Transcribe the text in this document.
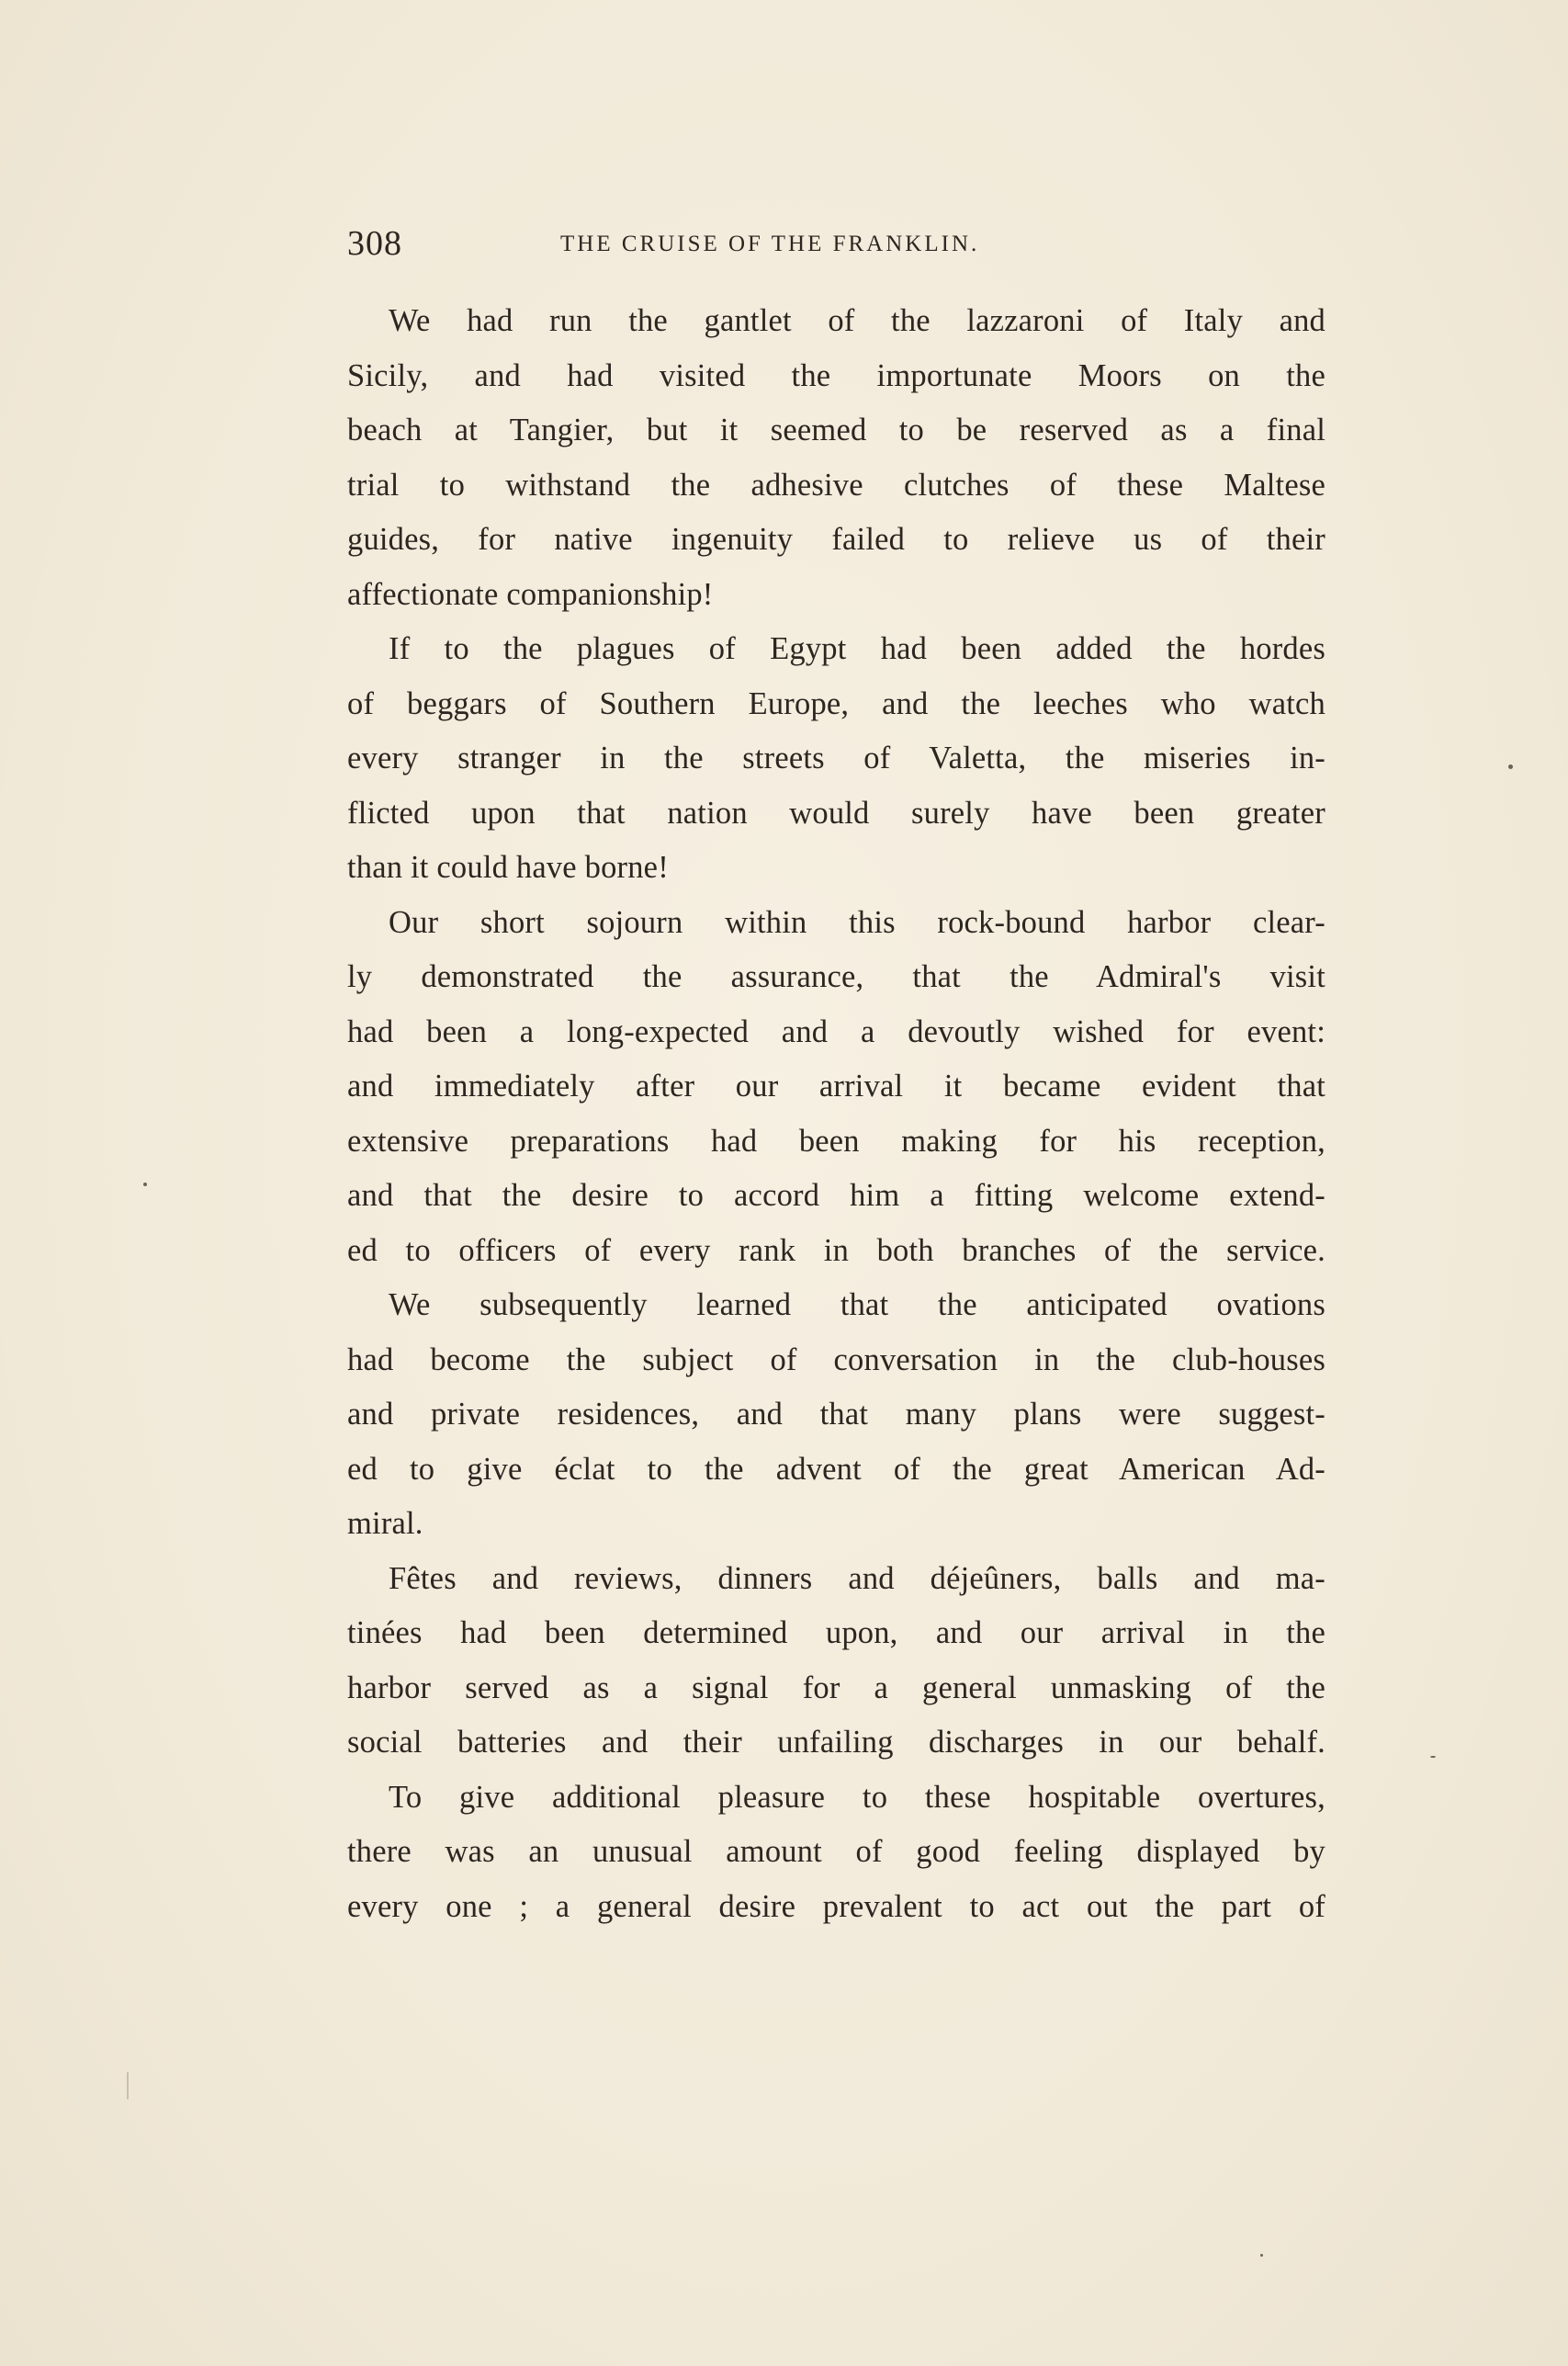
308	THE CRUISE OF THE FRANKLIN.
We had run the gantlet of the lazzaroni of Italy and
Sicily, and had visited the importunate Moors on the
beach at Tangier, but it seemed to be reserved as a final
trial to withstand the adhesive clutches of these Maltese
guides, for native ingenuity failed to relieve us of their
affectionate companionship!
If to the plagues of Egypt had been added the hordes
of beggars of Southern Europe, and the leeches who watch
every stranger in the streets of Valetta, the miseries in-
flicted upon that nation would surely have been greater
than it could have borne!
Our short sojourn within this rock-bound harbor clear-
ly demonstrated the assurance, that the Admiral's visit
had been a long-expected and a devoutly wished for event:
and immediately after our arrival it became evident that
extensive preparations had been making for his reception,
and that the desire to accord him a fitting welcome extend-
ed to officers of every rank in both branches of the service.
We subsequently learned that the anticipated ovations
had become the subject of conversation in the club-houses
and private residences, and that many plans were suggest-
ed to give éclat to the advent of the great American Ad-
miral.
Fêtes and reviews, dinners and déjeûners, balls and ma-
tinées had been determined upon, and our arrival in the
harbor served as a signal for a general unmasking of the
social batteries and their unfailing discharges in our behalf.
To give additional pleasure to these hospitable overtures,
there was an unusual amount of good feeling displayed by
every one ; a general desire prevalent to act out the part of
